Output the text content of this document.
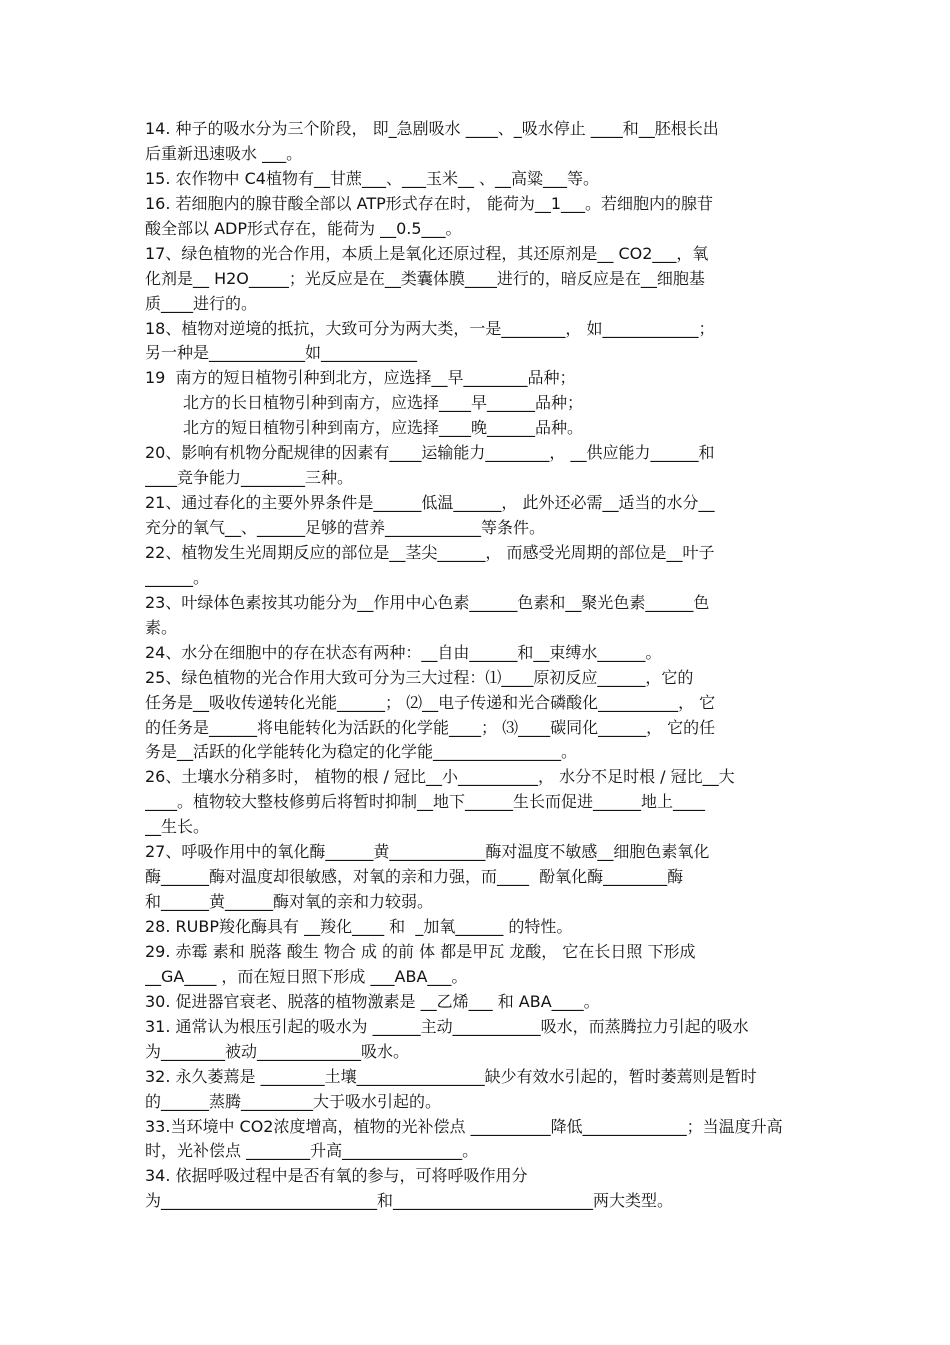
14. 种子的吸水分为三个阶段， 即_急剧吸水 ____、_吸水停止 ____和__胚根长出
后重新迅速吸水 ___。
15. 农作物中 C4植物有__甘蔗___、___玉米__ 、__高粱___等。
16. 若细胞内的腺苷酸全部以 ATP形式存在时， 能荷为__1___。若细胞内的腺苷
酸全部以 ADP形式存在，能荷为 __0.5___。
17、绿色植物的光合作用，本质上是氧化还原过程，其还原剂是__ CO2___，氧
化剂是__ H2O_____；光反应是在__类囊体膜____进行的，暗反应是在__细胞基
质____进行的。
18、植物对逆境的抵抗，大致可分为两大类，一是________， 如____________；
另一种是____________如____________
19  南方的短日植物引种到北方，应选择__早________品种；
北方的长日植物引种到南方，应选择____早______品种；
北方的短日植物引种到南方，应选择____晚______品种。
20、影响有机物分配规律的因素有____运输能力________， __供应能力______和
____竞争能力________三种。
21、通过春化的主要外界条件是______低温______， 此外还必需__适当的水分__
充分的氧气__、______足够的营养____________等条件。
22、植物发生光周期反应的部位是__茎尖______， 而感受光周期的部位是__叶子
______。
23、叶绿体色素按其功能分为__作用中心色素______色素和__聚光色素______色
素。
24、水分在细胞中的存在状态有两种：__自由______和__束缚水______。
25、绿色植物的光合作用大致可分为三大过程：⑴____原初反应______，它的
任务是__吸收传递转化光能______； ⑵__电子传递和光合磷酸化__________， 它
的任务是______将电能转化为活跃的化学能____； ⑶____碳同化______， 它的任
务是__活跃的化学能转化为稳定的化学能________________。
26、土壤水分稍多时， 植物的根 / 冠比__小__________， 水分不足时根 / 冠比__大
____。植物较大整枝修剪后将暂时抑制__地下______生长而促进______地上____
__生长。
27、呼吸作用中的氧化酶______黄____________酶对温度不敏感__细胞色素氧化
酶______酶对温度却很敏感，对氧的亲和力强，而____  酚氧化酶________酶
和______黄______酶对氧的亲和力较弱。
28. RUBP羧化酶具有 __羧化____ 和  _加氧______ 的特性。
29. 赤霉 素和 脱落 酸生 物合 成 的前 体 都是甲瓦 龙酸， 它在长日照 下形成
__GA____ ，而在短日照下形成 ___ABA___。
30. 促进器官衰老、脱落的植物激素是 __乙烯___ 和 ABA____。
31. 通常认为根压引起的吸水为 ______主动___________吸水，而蒸腾拉力引起的吸水
为________被动_____________吸水。
32. 永久萎蔫是 ________土壤________________缺少有效水引起的，暂时萎蔫则是暂时
的______蒸腾_________大于吸水引起的。
33.当环境中 CO2浓度增高，植物的光补偿点 __________降低_____________；当温度升高
时，光补偿点 ________升高_______________。
34. 依据呼吸过程中是否有氧的参与，可将呼吸作用分
为___________________________和_________________________两大类型。
